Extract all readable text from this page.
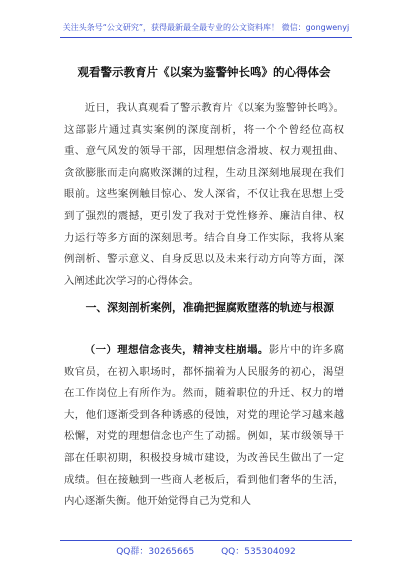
关注头条号“公文研究”，获得最新最全最专业的公文资料库！ 微信：gongwenyj
观看警示教育片《以案为鉴警钟长鸣》的心得体会

近日，我认真观看了警示教育片《以案为鉴警钟长鸣》。这部影片通过真实案例的深度剖析，将一个个曾经位高权重、意气风发的领导干部，因理想信念滑坡、权力观扭曲、贪欲膨胀而走向腐败深渊的过程，生动且深刻地展现在我们眼前。这些案例触目惊心、发人深省，不仅让我在思想上受到了强烈的震撼，更引发了我对于党性修养、廉洁自律、权力运行等多方面的深刻思考。结合自身工作实际，我将从案例剖析、警示意义、自身反思以及未来行动方向等方面，深入阐述此次学习的心得体会。

一、深刻剖析案例，准确把握腐败堕落的轨迹与根源

（一）理想信念丧失，精神支柱崩塌。影片中的许多腐败官员，在初入职场时，都怀揣着为人民服务的初心，渴望在工作岗位上有所作为。然而，随着职位的升迁、权力的增大，他们逐渐受到各种诱惑的侵蚀，对党的理论学习越来越松懈，对党的理想信念也产生了动摇。例如，某市级领导干部在任职初期，积极投身城市建设，为改善民生做出了一定成绩。但在接触到一些商人老板后，看到他们奢华的生活，内心逐渐失衡。他开始觉得自己为党和人

QQ群：30265665	QQ：535304092
